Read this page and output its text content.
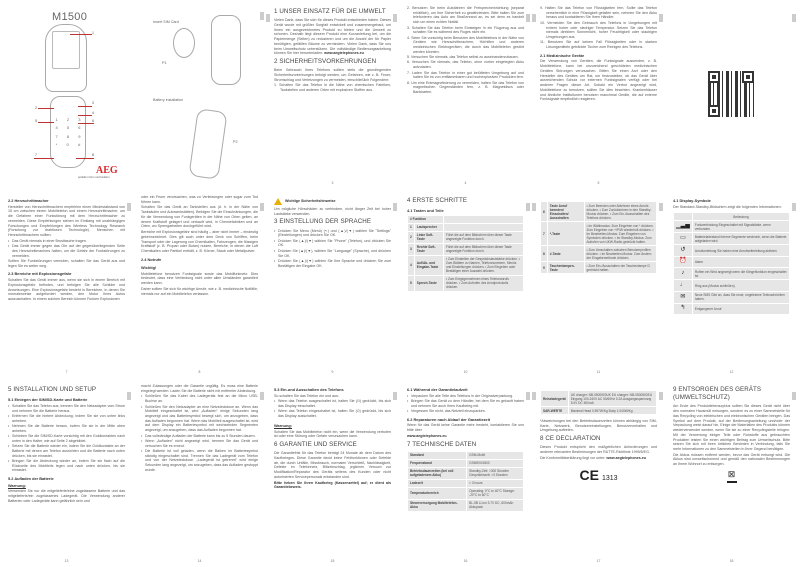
M1500
1 2 3
4 5 6
7 8 9
* 0 #
1
2
3
4
5	6
7	8
AEG
perfekt in form und funktion
Insert SIM Card
P1
Battery installation
P2
1 UNSER EINSATZ FÜR DIE UMWELT

Vielen Dank, dass Sie sich für dieses Produkt entschieden haben. Dieses Gerät wurde mit größter Sorgfalt entwickelt und zusammengebaut, um Ihnen ein ausgezeichnetes Produkt zu bieten und die Umwelt zu schonen. Deshalb liegt diesem Produkt eine Kurzanleitung bei, um die Papiermenge (Seiten) zu reduzieren und um die Anzahl der für Papier benötigten, gefällten Bäume zu vermindern. Vielen Dank, dass Sie uns beim Umweltschutz unterstützen. Die vollständige Bedienungsanleitung können Sie hier herunterladen: www.aegtelephones.eu

2 SICHERHEITSVORKEHRUNGEN

Beim Gebrauch Ihres Telefons sollten stets die grundlegenden Sicherheitsvorkehrungen befolgt werden, um Gefahren, wie z. B. Feuer, Stromschlag und Verletzungen zu vermeiden, einschließlich Folgendem:

1. Schalten Sie das Telefon in die Nähe von chemischen Fabriken, Tankstellen und anderen Orten mit explosiven Stoffen aus.
3
2. Benutzen Sie beim Autofahren die Freisprecheinrichtung (separat erhältlich), um Ihre Sicherheit zu gewährleisten. Bitte halten Sie zum telefonieren das Auto am Straßenrand an, es sei denn es handelt sich um einen echten Notfall.
3. Schalten Sie das Telefon beim Einsteigen in ein Flugzeug aus und schalten Sie es während des Fluges nicht ein.
4. Seien Sie vorsichtig beim Benutzen des Mobiltelefons in der Nähe von Geräten wie Herzschrittmachern, Hörhilfen und anderen medizinischen Elektrogeräten, die durch das Mobiltelefon gestört werden könnten.
5. Versuchen Sie niemals, das Telefon selbst zu auseinanderzubauen.
6. Versuchen Sie niemals, das Telefon, ohne vorher eingelegten Akku aufzuladen.
7. Laden Sie das Telefon in einer gut belüfteten Umgebung auf und halten Sie es von entflammbaren und hochexplosiven Produkten fern.
8. Um eine Entmagnetisierung zu vermeiden, halten Sie das Telefon von magnetischen Gegenständen fern, z. B. Magnetdiscs oder Bankkarten.
4
9. Halten Sie das Telefon von Flüssigkeiten fern. Sollte das Telefon versehentlich in eine Flüssigkeit gefallen sein, nehmen Sie den Akku heraus und kontaktieren Sie Ihren Händler.
10. Vermeiden Sie den Gebrauch des Telefons in Umgebungen mit extrem hoher oder niedriger Temperatur. Setzen Sie das Telefon niemals direktem Sonnenlicht, hoher Feuchtigkeit oder staubigen Umgebungen aus.
11. Benutzen Sie auf keinen Fall Flüssigkeiten oder in starken Lösungsmitteln getränkte Tücher zum Reinigen des Telefons.
2.1 Medizinische Geräte

Die Verwendung von Geräten, die Funksignale aussenden, z. B. Mobiltelefone, kann bei unzureichend geschützten medizinischen Geräten Störungen verursachen. Bitten Sie einen Arzt oder den Hersteller des Gerätes um Rat, um festzustellen, ob das Gerät über ausreichenden Schutz vor externen Funksignalen verfügt oder bei anderen Fragen dieser Art. Sobald ein Verbot angezeigt wird, Mobiltelefone zu benutzen, sollten Sie dies beachten. Krankenhäuser und ähnliche Institutionen benutzen manchmal Geräte, die auf externe Funksignale empfindlich reagieren.

5
2.2 Herzschrittmacher

Hersteller von Herzschrittmachern empfehlen einen Mindestabstand von 15 cm zwischen einem Mobiltelefon und einem Herzschrittmacher, um die Gefahren einer Funkstörung mit dem Herzschrittmacher zu vermeiden. Diese Empfehlungen stehen im Einklang mit unabhängigen Forschungen und Empfehlungen des Wireless Technology Research (Forschung zur drahtlosen Technologie). Menschen mit Herzschrittmachern sollten:

• Das Gerät niemals in einer Brusttasche tragen.
• Das Gerät immer gegen das Ohr auf der gegenüberliegenden Seite des Herzschrittmachers halten, um die Gefahr der Funkstörungen zu vermeiden.

Sollten Sie Funkstörungen vermuten, schalten Sie das Gerät aus und legen Sie es weiter weg.

2.3 Bereiche mit Explosionsgefahr

Schalten Sie das Gerät immer aus, wenn sie sich in einem Bereich mit Explosionsgefahr befinden, und befolgen Sie alle Schilder und Anweisungen. Eine Explosionsgefahr besteht in Bereichen, in denen Sie normalerweise aufgefordert werden, den Motor Ihres Autos auszuschalten. In einem solchen Bereich können Funken Explosionen

7

oder ein Feuer verursachen, was zu Verletzungen oder sogar zum Tod führen kann.

Schalten Sie das Gerät an Tankstellen aus (d. h. in der Nähe von Tanksäulen und Autowerkstätten). Befolgen Sie die Einschränkungen, die für die Verwendung von Funkgeräten in der Nähe von Orten gelten, an denen Kraftstoff gelagert und verkauft wird, in Chemiefabriken und an Orten, wo Sprengarbeiten durchgeführt wird.

Bereiche mit Explosionsgefahr sind häufig – aber nicht immer – eindeutig gekennzeichnet. Dies gilt auch unter dem Deck von Schiffen, beim Transport oder der Lagerung von Chemikalien, Fahrzeugen, die flüssigen Kraftstoff (z. B. Propan oder Butan) nutzen, Bereiche, in denen die Luft Chemikalien oder Partikel enthält, z. B. Körner, Staub oder Metallpulver.

2.4 Notrufe
Wichtig!

Mobiltelefone benutzen Funksignale sowie das Mobilfunknetz. Dies bedeutet, dass eine Verbindung nicht unter allen Umständen garantiert werden kann.

Daher sollten Sie sich für wichtige Anrufe, wie z. B. medizinische Notfälle, niemals nur auf ein Mobiltelefon verlassen.

8
Wichtige Sicherheitshinweise

Um mögliche Hörschäden zu verhindern, nicht länger Zeit bei hoher Lautstärke verwenden.

3 EINSTELLUNG DER SPRACHE
• Drücken Sie Menu (Menü) (↖) und (▲)/(▼) wählen Sie "Settings" (Einstellungen) und drücken Sie OK.
• Drücken Sie (▲)/(▼) wählen Sie "Phone" (Telefon), und drücken Sie OK.
• Drücken Sie (▲)/(▼), wählen Sie "Language" (Sprache), und drücken Sie OK.
• Drücken Sie (▲)/(▼) wählen Sie Ihre Sprache und drücken Sie zum Bestätigen der Eingabe OK.
9
4 ERSTE SCHRITTE
4.1 Tasten und Teile
# Funktion		
1	Lautsprecher	
2	Linke Soft-Taste	Führt die auf dem Bildschirm über dieser Taste angezeigte Funktion durch.
3	Rechte Soft-Taste	Führt die auf dem Bildschirm über dieser Taste angezeigte Funktion durch.
4	Auf/Ab- und Eingabe-Taste	• Zum Einstellen der Gesprächslautstärke drücken. • Zum Blättern zu Namen, Telefonnummern, Menüs und Einstellungen drücken. • Zum Eingeben oder Bestätigen einer Auswahl drücken.
5	Sprech-Taste	• Zum Entgegennehmen eines Telefonanrufs drücken. • Zum Aufrufen des Anrufprotokolls drücken.
10
6	Taste Anruf beenden/ Einschalten/ Ausschalten	• Zum Beenden oder Ablehnen eines Anrufs drücken. • Zum Zurückkehren in den Standby-Modus drücken. • Zum Ein-/Ausschalten des Telefons drücken.
7	*-Taste	• Im Wählmodus: Zum Eingeben von * drücken. Zum Eingeben von +/P/W wiederholt drücken. • Im Bearbeiten-Modus: Zum Eingeben von Symbolen drücken. • Im Standby-Modus: Zum Aufrufen von UKW-Radio gedrückt halten.
8	#-Taste	• Zum Umschalten zwischen Benutzerprofilen drücken. • Im Bearbeiten-Modus: Zum Ändern der Eingabemethode drücken.
9	Taschenlampen-Taste	• Zum Ein-/Ausschalten der Taschenlampe D gedrückt halten.
11
4.1 Display-Symbole

Der Standard-Standby-Bildschirm zeigt die folgenden Informationen:

	Bedeutung
▁▃▅	Funkverbindung Eingeschaltet mit Signalstärke, wenn verbunden.
▭	Batterieladestand Interne Segmente wechseln, wenn die Batterie aufgeladen wird.
↺	Anrufumleitung Sie haben eine Anrufweiterleitung aktiviert.
⏰	Alarm
♪	Ruften ein Wird angezeigt wenn die Klingelfunktion eingeschaltet ist.
♩	Ring aus (Modus schließen).
✉	Neue SMS Gibt an, dass Sie neue, ungelesene Textnachrichten haben.
↰	Entgangener Anruf
12
5 INSTALLATION UND SETUP
5.1 Einlegen der SIM/SD-Karte und Batterie
• Schalten Sie das Telefon aus, trennen Sie den Netzadapter vom Strom und nehmen Sie die Batterie heraus.
• Entfernen Sie die hintere Abdeckung, indem Sie sie von unten links anheben.
• Nehmen Sie die Batterie heraus, indem Sie sie in der Mitte oben anheben.
• Schieben Sie die SIM/SD-Karte vorsichtig mit den Goldkontakten nach unten in den Halter, wie auf Seite 2 abgebildet.
• Setzen Sie die Batterie wieder ein, indem Sie die Goldkontakte an der Batterie mit denen am Telefon ausrichten und die Batterie nach unten drücken, bis sie einrastet.
• Bringen Sie die Abdeckung wieder an, indem Sie sie flach auf die Rückseite des Mobilteils legen und nach unten drücken, bis sie einrastet.
5.2 Aufladen der Batterie
Warnung:

Verwenden Sie nur die mitgelieferte/eine zugelassene Batterie und das mitgelieferte/ein zugelassenes Ladegerät. Die Verwendung anderer Batterien oder Ladegeräte kann gefährlich sein und

13

macht Zulassungen oder die Garantie ungültig. Es muss eine Batterie eingelegt werden. Laden Sie die Batterie nicht mit entfernter Abdeckung.

• Schließen Sie das Kabel des Ladegeräts fest an die Micro USB-Buchse an.
• Schließen Sie den Netzadapter an eine Netzsteckdose an. Wenn das Mobilteil eingeschaltet ist, wird „Aufladen" einige Sekunden lang angezeigt und das Batteriesymbol bewegt sich, um anzugeben, dass das Aufladen begonnen hat. Wenn das Mobilteil ausgeschaltet ist, wird auf dem Display ein Batteriesymbol mit wechselnden Segmenten angezeigt, um anzugeben, dass das Aufladen begonnen hat.
• Das vollständige Aufladen der Batterie kann bis zu 5 Stunden dauern.
• Wenn „Aufladen" nicht angezeigt wird, trennen Sie das Gerät und versuchen Sie es erneut.
• Die Batterie ist voll geladen, wenn die Balken im Batteriesymbol ständig eingeschaltet sind. Trennen Sie das Ladegerät vom Telefon und von der Netzsteckdose. „Ladegerät ist getrennt" wird einige Sekunden lang angezeigt, um anzugeben, dass das Aufladen gestoppt wurde.
14
5.3 Ein-und Ausschalten des Telefons

So schalten Sie das Telefon ein und aus:

• Wenn das Telefon ausgeschaltet ist, halten Sie (⏻) gedrückt, bis sich das Display einschaltet.
• Wenn das Telefon eingeschaltet ist, halten Sie (⏻) gedrückt, bis sich das Display ausschaltet.
Warnung:

Schalten Sie das Mobiltelefon nicht ein, wenn die Verwendung verboten ist oder eine Störung oder Gefahr verursachen kann.

6 GARANTIE UND SERVICE

Die Garantiefrist für das Telefon beträgt 24 Monate ab dem Datum des Kaufbeleges. Diese Garantie deckt keine Fehlfunktionen oder Defekte ab, die durch Unfälle, Missbrauch, normalen Verschleiß, Nachlässigkeit, Defekte im Telefonnetz, Blitzeinschlag, jeglichen Versuch zur Modifikation/Reparatur des Geräts seitens des Kunden oder nicht autorisierten Servicepersonals entstanden sind.

Bitte heben Sie Ihren Kaufbeleg (Kassenzettel) auf; er dient als Garantiebeweis.

15
6.1 Während der Garantielaufzeit
• Verpacken Sie alle Teile des Telefons in der Originalverpackung.
• Bringen Sie das Gerät zu dem Händler, bei dem Sie es gekauft haben und nehmen Sie auch Ihren Kaufbeleg mit.
• Vergessen Sie nicht, das Netzteil einzupacken.
6.2 Reparaturen nach Ablauf der Garantiezeit

Wenn für das Gerät keine Garantie mehr besteht, kontaktieren Sie uns bitte über

www.aegtelephones.eu

7 TECHNISCHE DATEN
Standard	GSM-Mobil
Frequenzband	GSM900/1800
Betriebsdauerzeiten (bei voll aufgeladenem Akku)	Standby-Zeit: >300 Stunden Gesprächszeit: >3 Stunden
Ladezeit	< 3 hours
Temperaturbereich	Operating: 0°C to 40°C Storage: -20°C to 60°C
Stromversorgung Mobiltelefon- Akku	BL-5B Li-ion 3.7V DC, 600mAh Akkupack
16
Reiseladegerät	UK charger: NB-0500500UK EU charger: NB-0500500EU Eingang 100-240V AC 50/60Hz 0.2A Ausgangsspannung 5.0V DC 500mA
SAR-WERTE	Maximal Head 0.597W/Kg Body 1.040W/Kg

*Abweichungen bei den Betriebsdauerzeiten können abhängig von SIM-Karte, Netzwerk, Benutzereinstellungen, Benutzerverhalten und Umgebung auftreten.

8 CE DECLARATION

Dieses Produkt entspricht den maßgeblichen Anforderungen und anderen relevanten Bestimmungen der R&TTE-Richtlinie 1999/5/EG.

Die Konformitätserklärung liegt vor unter: www.aegtelephones.eu

CE 1313
17
9 ENTSORGEN DES GERÄTS (UMWELTSCHUTZ)

Am Ende des Produktlebenszyklus sollten Sie dieses Gerät nicht über den normalen Hausmüll entsorgen, sondern es zu einer Sammelstelle für das Recycling von elektrischen und elektronischen Geräten bringen. Das Symbol auf dem Produkt, auf der Bedienungsanleitung und/oder der Verpackung weist darauf hin. Einige der Materialien des Produkts können wiederverwendet werden, wenn Sie sie zu einer Recyclingstelle bringen. Mit der Verwertung einiger Teile oder Rohstoffe aus gebrauchten Produkten leisten Sie einen wichtigen Beitrag zum Umweltschutz. Bitte setzen Sie sich mit Ihren örtlichen Behörden in Verbindung, falls Sie mehr Informationen zu den Sammelstellen in Ihrer Gegend benötigen.

Die Akkus müssen entfernt werden, bevor das Gerät entsorgt wird. Die Akkus sind umweltschonend und gemäß den nationalen Bestimmungen an Ihrem Wohnort zu entsorgen.

⊠
18
